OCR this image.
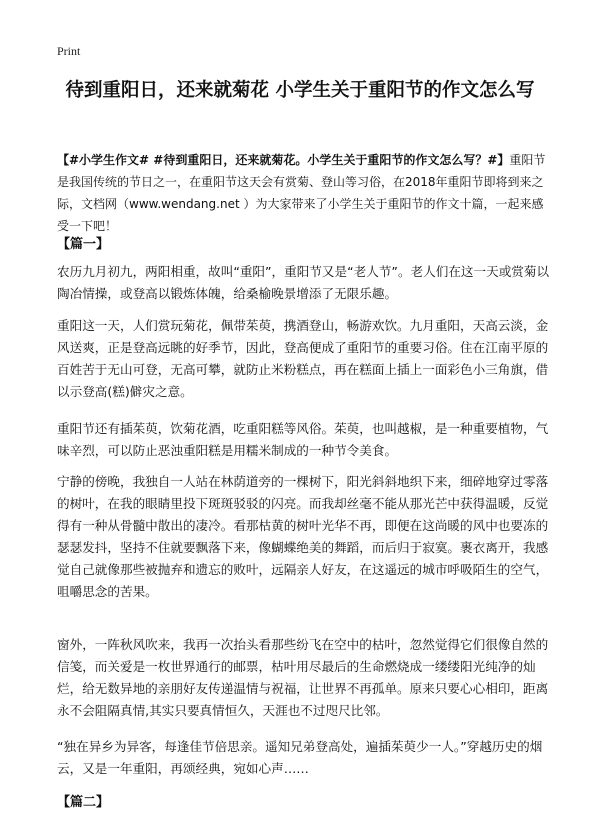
Print
待到重阳日，还来就菊花 小学生关于重阳节的作文怎么写
【#小学生作文# #待到重阳日，还来就菊花。小学生关于重阳节的作文怎么写？#】重阳节是我国传统的节日之一，在重阳节这天会有赏菊、登山等习俗，在2018年重阳节即将到来之际，文档网（www.wendang.net ）为大家带来了小学生关于重阳节的作文十篇，一起来感受一下吧！
【篇一】

农历九月初九，两阳相重，故叫“重阳”，重阳节又是“老人节”。老人们在这一天或赏菊以陶冶情操，或登高以锻炼体魄，给桑榆晚景增添了无限乐趣。

重阳这一天，人们赏玩菊花，佩带茱萸，携酒登山，畅游欢饮。九月重阳，天高云淡，金风送爽，正是登高远眺的好季节，因此，登高便成了重阳节的重要习俗。住在江南平原的百姓苦于无山可登，无高可攀，就防止米粉糕点，再在糕面上插上一面彩色小三角旗，借以示登高(糕)僻灾之意。

重阳节还有插茱萸，饮菊花酒，吃重阳糕等风俗。茱萸，也叫越椒，是一种重要植物，气味辛烈，可以防止恶浊重阳糕是用糯米制成的一种节令美食。

宁静的傍晚，我独自一人站在林荫道旁的一棵树下，阳光斜斜地织下来，细碎地穿过零落的树叶，在我的眼睛里投下斑斑驳驳的闪亮。而我却丝毫不能从那光芒中获得温暖，反觉得有一种从骨髓中散出的凄冷。看那枯黄的树叶光华不再，即便在这尚暖的风中也要冻的瑟瑟发抖，坚持不住就要飘落下来，像蝴蝶绝美的舞蹈，而后归于寂寞。裹衣离开，我感觉自己就像那些被抛弃和遗忘的败叶，远隔亲人好友，在这遥远的城市呼吸陌生的空气，咀嚼思念的苦果。

窗外，一阵秋风吹来，我再一次抬头看那些纷飞在空中的枯叶，忽然觉得它们很像自然的信笺，而关爱是一枚世界通行的邮票，枯叶用尽最后的生命燃烧成一缕缕阳光纯净的灿烂，给无数异地的亲朋好友传递温情与祝福，让世界不再孤单。原来只要心心相印，距离永不会阻隔真情,其实只要真情恒久，天涯也不过咫尺比邻。

“独在异乡为异客，每逢佳节倍思亲。遥知兄弟登高处，遍插茱萸少一人。”穿越历史的烟云，又是一年重阳，再颂经典，宛如心声……

【篇二】
